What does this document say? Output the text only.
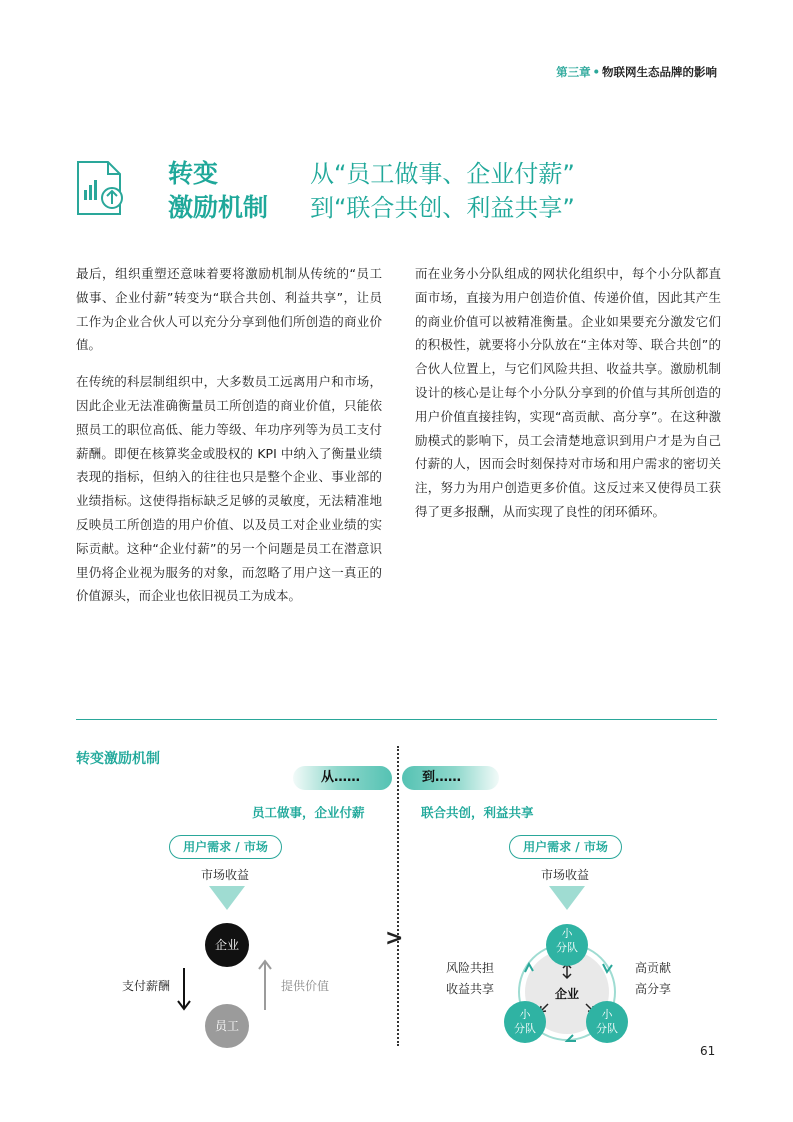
第三章 • 物联网生态品牌的影响
转变
激励机制
从“员工做事、企业付薪”
到“联合共创、利益共享”

最后，组织重塑还意味着要将激励机制从传统的“员工做事、企业付薪”转变为“联合共创、利益共享”，让员工作为企业合伙人可以充分分享到他们所创造的商业价值。

在传统的科层制组织中，大多数员工远离用户和市场，因此企业无法准确衡量员工所创造的商业价值，只能依照员工的职位高低、能力等级、年功序列等为员工支付薪酬。即便在核算奖金或股权的 KPI 中纳入了衡量业绩表现的指标，但纳入的往往也只是整个企业、事业部的业绩指标。这使得指标缺乏足够的灵敏度，无法精准地反映员工所创造的用户价值、以及员工对企业业绩的实际贡献。这种“企业付薪”的另一个问题是员工在潜意识里仍将企业视为服务的对象，而忽略了用户这一真正的价值源头，而企业也依旧视员工为成本。

而在业务小分队组成的网状化组织中，每个小分队都直面市场，直接为用户创造价值、传递价值，因此其产生的商业价值可以被精准衡量。企业如果要充分激发它们的积极性，就要将小分队放在“主体对等、联合共创”的合伙人位置上，与它们风险共担、收益共享。激励机制设计的核心是让每个小分队分享到的价值与其所创造的用户价值直接挂钩，实现“高贡献、高分享”。在这种激励模式的影响下，员工会清楚地意识到用户才是为自己付薪的人，因而会时刻保持对市场和用户需求的密切关注，努力为用户创造更多价值。这反过来又使得员工获得了更多报酬，从而实现了良性的闭环循环。

转变激励机制
>
从……	到……
员工做事，企业付薪	联合共创，利益共享
用户需求 / 市场
市场收益
企业
员工
支付薪酬	提供价值
用户需求 / 市场
市场收益
小
分队
小
分队
小
分队
企业
风险共担
收益共享
高贡献
高分享
61
